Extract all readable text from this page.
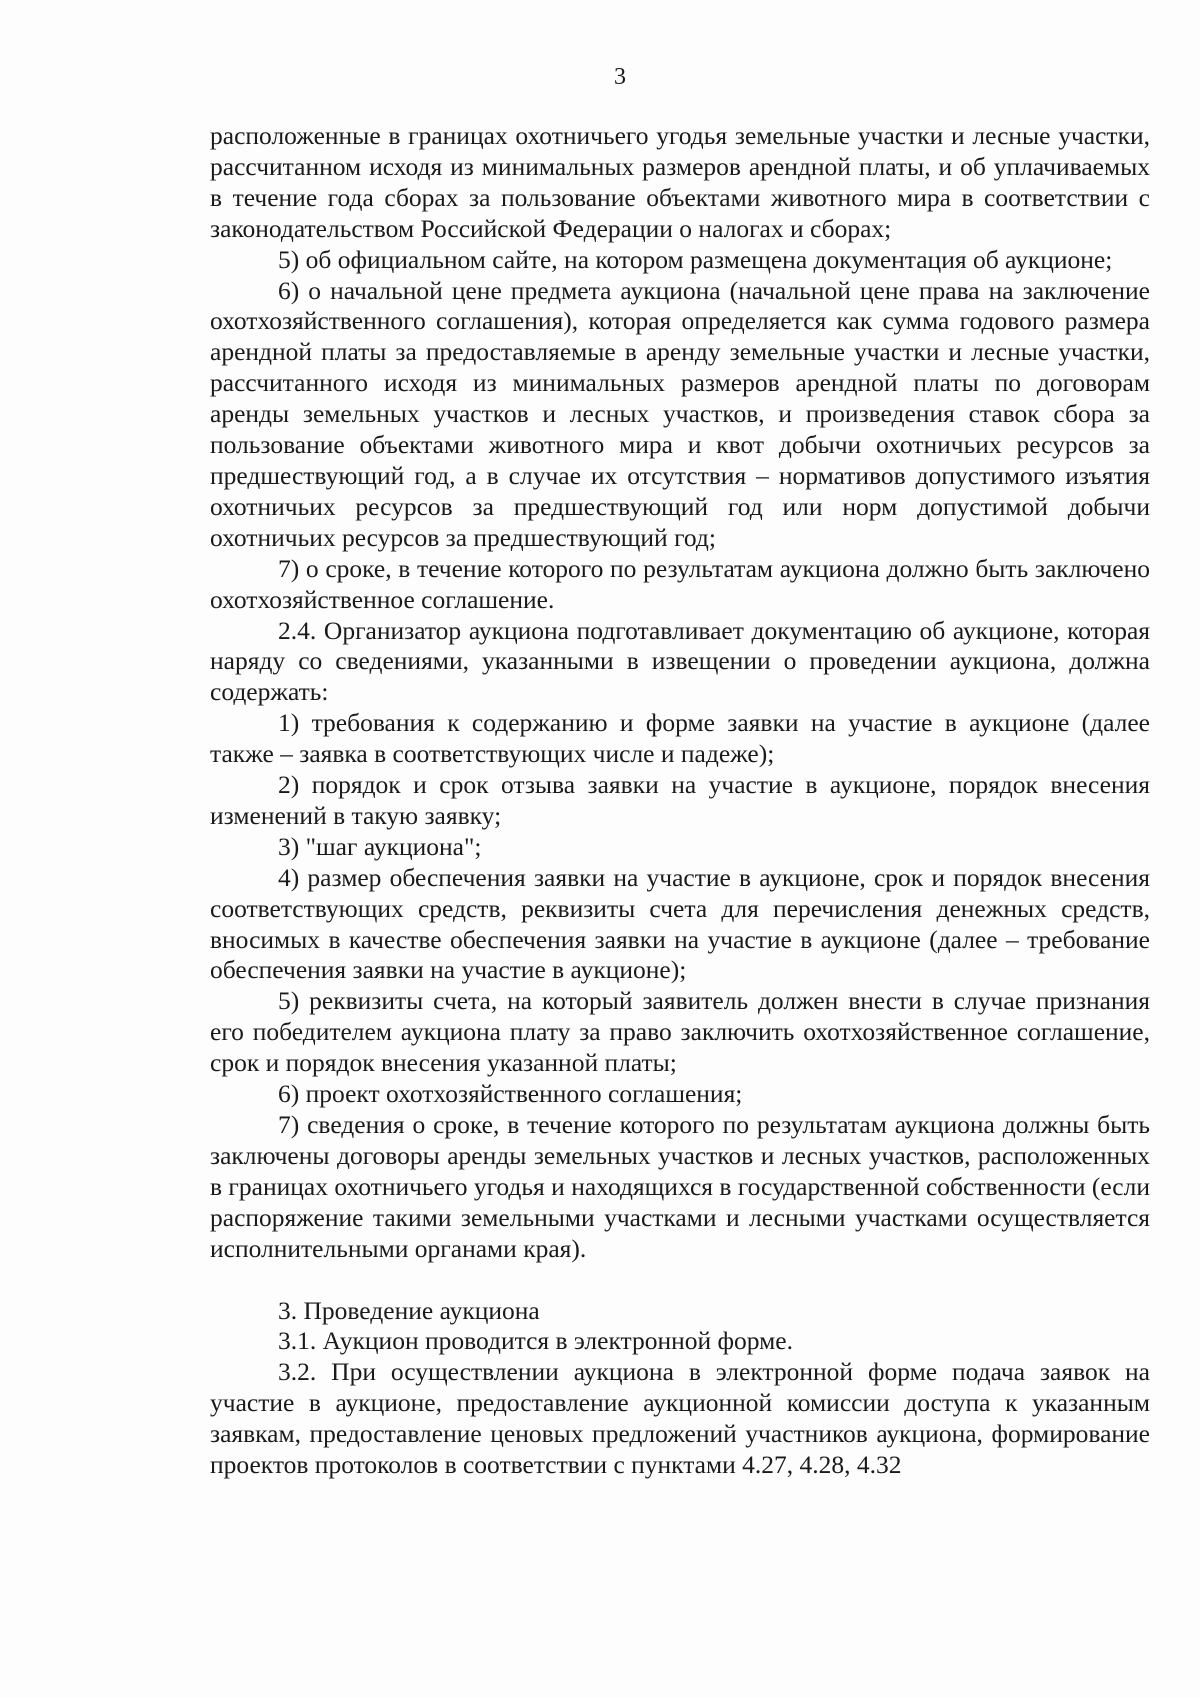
3

расположенные в границах охотничьего угодья земельные участки и лесные участки, рассчитанном исходя из минимальных размеров арендной платы, и об уплачиваемых в течение года сборах за пользование объектами животного мира в соответствии с законодательством Российской Федерации о налогах и сборах;

5) об официальном сайте, на котором размещена документация об аукционе;

6) о начальной цене предмета аукциона (начальной цене права на заключение охотхозяйственного соглашения), которая определяется как сумма годового размера арендной платы за предоставляемые в аренду земельные участки и лесные участки, рассчитанного исходя из минимальных размеров арендной платы по договорам аренды земельных участков и лесных участков, и произведения ставок сбора за пользование объектами животного мира и квот добычи охотничьих ресурсов за предшествующий год, а в случае их отсутствия – нормативов допустимого изъятия охотничьих ресурсов за предшествующий год или норм допустимой добычи охотничьих ресурсов за предшествующий год;

7) о сроке, в течение которого по результатам аукциона должно быть заключено охотхозяйственное соглашение.

2.4. Организатор аукциона подготавливает документацию об аукционе, которая наряду со сведениями, указанными в извещении о проведении аукциона, должна содержать:

1) требования к содержанию и форме заявки на участие в аукционе (далее также – заявка в соответствующих числе и падеже);

2) порядок и срок отзыва заявки на участие в аукционе, порядок внесения изменений в такую заявку;

3) "шаг аукциона";

4) размер обеспечения заявки на участие в аукционе, срок и порядок внесения соответствующих средств, реквизиты счета для перечисления денежных средств, вносимых в качестве обеспечения заявки на участие в аукционе (далее – требование обеспечения заявки на участие в аукционе);

5) реквизиты счета, на который заявитель должен внести в случае признания его победителем аукциона плату за право заключить охотхозяйственное соглашение, срок и порядок внесения указанной платы;

6) проект охотхозяйственного соглашения;

7) сведения о сроке, в течение которого по результатам аукциона должны быть заключены договоры аренды земельных участков и лесных участков, расположенных в границах охотничьего угодья и находящихся в государственной собственности (если распоряжение такими земельными участками и лесными участками осуществляется исполнительными органами края).

3. Проведение аукциона

3.1. Аукцион проводится в электронной форме.

3.2. При осуществлении аукциона в электронной форме подача заявок на участие в аукционе, предоставление аукционной комиссии доступа к указанным заявкам, предоставление ценовых предложений участников аукциона, формирование проектов протоколов в соответствии с пунктами 4.27, 4.28, 4.32
